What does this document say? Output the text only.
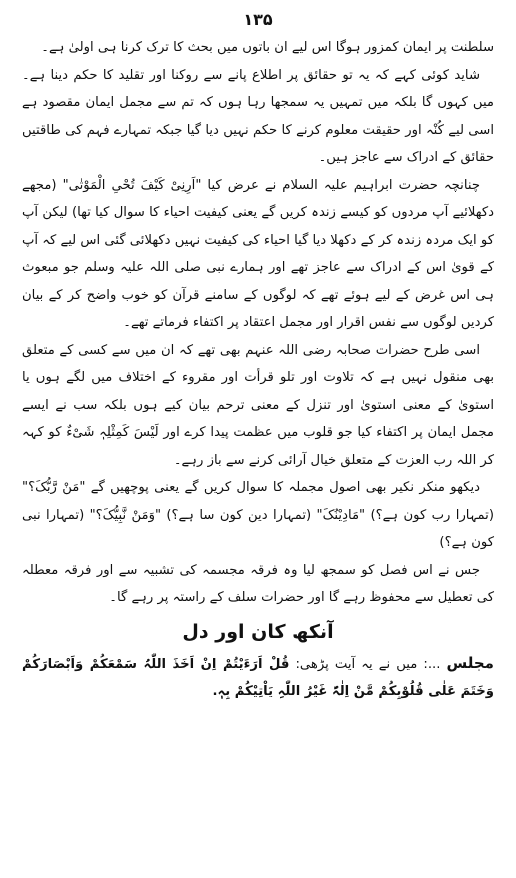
۱۳۵

سلطنت پر ایمان کمزور ہوگا اس لیے ان باتوں میں بحث کا ترک کرنا ہی اولیٰ ہے۔

شاید کوئی کہے کہ یہ تو حقائق پر اطلاع پانے سے روکنا اور تقلید کا حکم دینا ہے۔ میں کہوں گا بلکہ میں تمہیں یہ سمجھا رہا ہوں کہ تم سے مجمل ایمان مقصود ہے اسی لیے کُنْہ اور حقیقت معلوم کرنے کا حکم نہیں دیا گیا جبکہ تمہارے فہم کی طاقتیں حقائق کے ادراک سے عاجز ہیں۔

چنانچہ حضرت ابراہیم علیہ السلام نے عرض کیا "اَرِنِیْ کَیْفَ تُحْیِ الْمَوْتٰی" (مجھے دکھلائیے آپ مردوں کو کیسے زندہ کریں گے یعنی کیفیت احیاء کا سوال کیا تھا) لیکن آپ کو ایک مردہ زندہ کر کے دکھلا دیا گیا احیاء کی کیفیت نہیں دکھلائی گئی اس لیے کہ آپ کے قویٰ اس کے ادراک سے عاجز تھے اور ہمارے نبی صلی اللہ علیہ وسلم جو مبعوث ہی اس غرض کے لیے ہوئے تھے کہ لوگوں کے سامنے قرآن کو خوب واضح کر کے بیان کردیں لوگوں سے نفس اقرار اور مجمل اعتقاد پر اکتفاء فرماتے تھے۔

اسی طرح حضرات صحابہ رضی اللہ عنہم بھی تھے کہ ان میں سے کسی کے متعلق بھی منقول نہیں ہے کہ تلاوت اور تلو قرأت اور مقروء کے اختلاف میں لگے ہوں یا استویٰ کے معنی استویٰ اور تنزل کے معنی ترحم بیان کیے ہوں بلکہ سب نے ایسے مجمل ایمان پر اکتفاء کیا جو قلوب میں عظمت پیدا کرے اور لَیْسَ کَمِثْلِہٖ شَیْءٌ کو کہہ کر اللہ رب العزت کے متعلق خیال آرائی کرنے سے باز رہے۔

دیکھو منکر نکیر بھی اصول مجملہ کا سوال کریں گے یعنی پوچھیں گے "مَنْ رَّبُّکَ؟" (تمہارا رب کون ہے؟) "مَادِیْنُکَ" (تمہارا دین کون سا ہے؟) "وَمَنْ نَّبِیُّکَ؟" (تمہارا نبی کون ہے؟)

جس نے اس فصل کو سمجھ لیا وہ فرقہ مجسمہ کی تشبیہ سے اور فرقہ معطلہ کی تعطیل سے محفوظ رہے گا اور حضرات سلف کے راستہ پر رہے گا۔

آنکھ کان اور دل

مجلس ...: میں نے یہ آیت پڑھی: قُلْ اَرَءَیْتُمْ اِنْ اَخَذَ اللّٰہُ سَمْعَکُمْ وَاَبْصَارَکُمْ وَخَتَمَ عَلٰی قُلُوْبِکُمْ مَّنْ اِلٰہٌ غَیْرُ اللّٰہِ یَاْتِیْکُمْ بِہٖ.
